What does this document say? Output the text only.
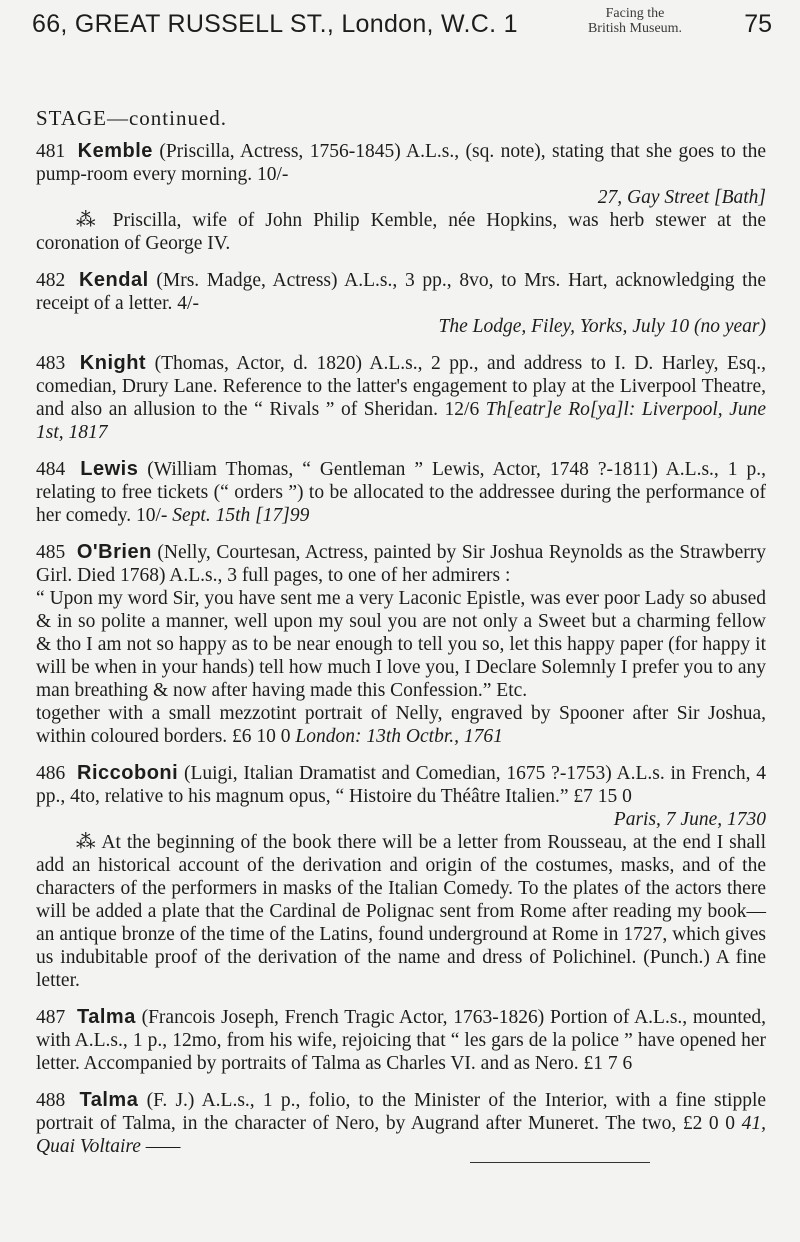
66, GREAT RUSSELL ST., London, W.C. 1	Facing the
British Museum.	75
STAGE—continued.
481 Kemble (Priscilla, Actress, 1756-1845) A.L.s., (sq. note), stating that she goes to the pump-room every morning. 10/-
27, Gay Street [Bath]
⁂ Priscilla, wife of John Philip Kemble, née Hopkins, was herb stewer at the coronation of George IV.
482 Kendal (Mrs. Madge, Actress) A.L.s., 3 pp., 8vo, to Mrs. Hart, acknowledging the receipt of a letter. 4/-
The Lodge, Filey, Yorks, July 10 (no year)
483 Knight (Thomas, Actor, d. 1820) A.L.s., 2 pp., and address to I. D. Harley, Esq., comedian, Drury Lane. Reference to the latter's engagement to play at the Liverpool Theatre, and also an allusion to the “ Rivals ” of Sheridan. 12/6 Th[eatr]e Ro[ya]l: Liverpool, June 1st, 1817
484 Lewis (William Thomas, “ Gentleman ” Lewis, Actor, 1748 ?-1811) A.L.s., 1 p., relating to free tickets (“ orders ”) to be allocated to the addressee during the performance of her comedy. 10/- Sept. 15th [17]99
485 O'Brien (Nelly, Courtesan, Actress, painted by Sir Joshua Reynolds as the Strawberry Girl. Died 1768) A.L.s., 3 full pages, to one of her admirers :
“ Upon my word Sir, you have sent me a very Laconic Epistle, was ever poor Lady so abused & in so polite a manner, well upon my soul you are not only a Sweet but a charming fellow & tho I am not so happy as to be near enough to tell you so, let this happy paper (for happy it will be when in your hands) tell how much I love you, I Declare Solemnly I prefer you to any man breathing & now after having made this Confession.” Etc.
together with a small mezzotint portrait of Nelly, engraved by Spooner after Sir Joshua, within coloured borders. £6 10 0 London: 13th Octbr., 1761
486 Riccoboni (Luigi, Italian Dramatist and Comedian, 1675 ?-1753) A.L.s. in French, 4 pp., 4to, relative to his magnum opus, “ Histoire du Théâtre Italien.” £7 15 0
Paris, 7 June, 1730
⁂ At the beginning of the book there will be a letter from Rousseau, at the end I shall add an historical account of the derivation and origin of the costumes, masks, and of the characters of the performers in masks of the Italian Comedy. To the plates of the actors there will be added a plate that the Cardinal de Polignac sent from Rome after reading my book—an antique bronze of the time of the Latins, found underground at Rome in 1727, which gives us indubitable proof of the derivation of the name and dress of Polichinel. (Punch.) A fine letter.
487 Talma (Francois Joseph, French Tragic Actor, 1763-1826) Portion of A.L.s., mounted, with A.L.s., 1 p., 12mo, from his wife, rejoicing that “ les gars de la police ” have opened her letter. Accompanied by portraits of Talma as Charles VI. and as Nero. £1 7 6
488 Talma (F. J.) A.L.s., 1 p., folio, to the Minister of the Interior, with a fine stipple portrait of Talma, in the character of Nero, by Augrand after Muneret. The two, £2 0 0 41, Quai Voltaire ——
